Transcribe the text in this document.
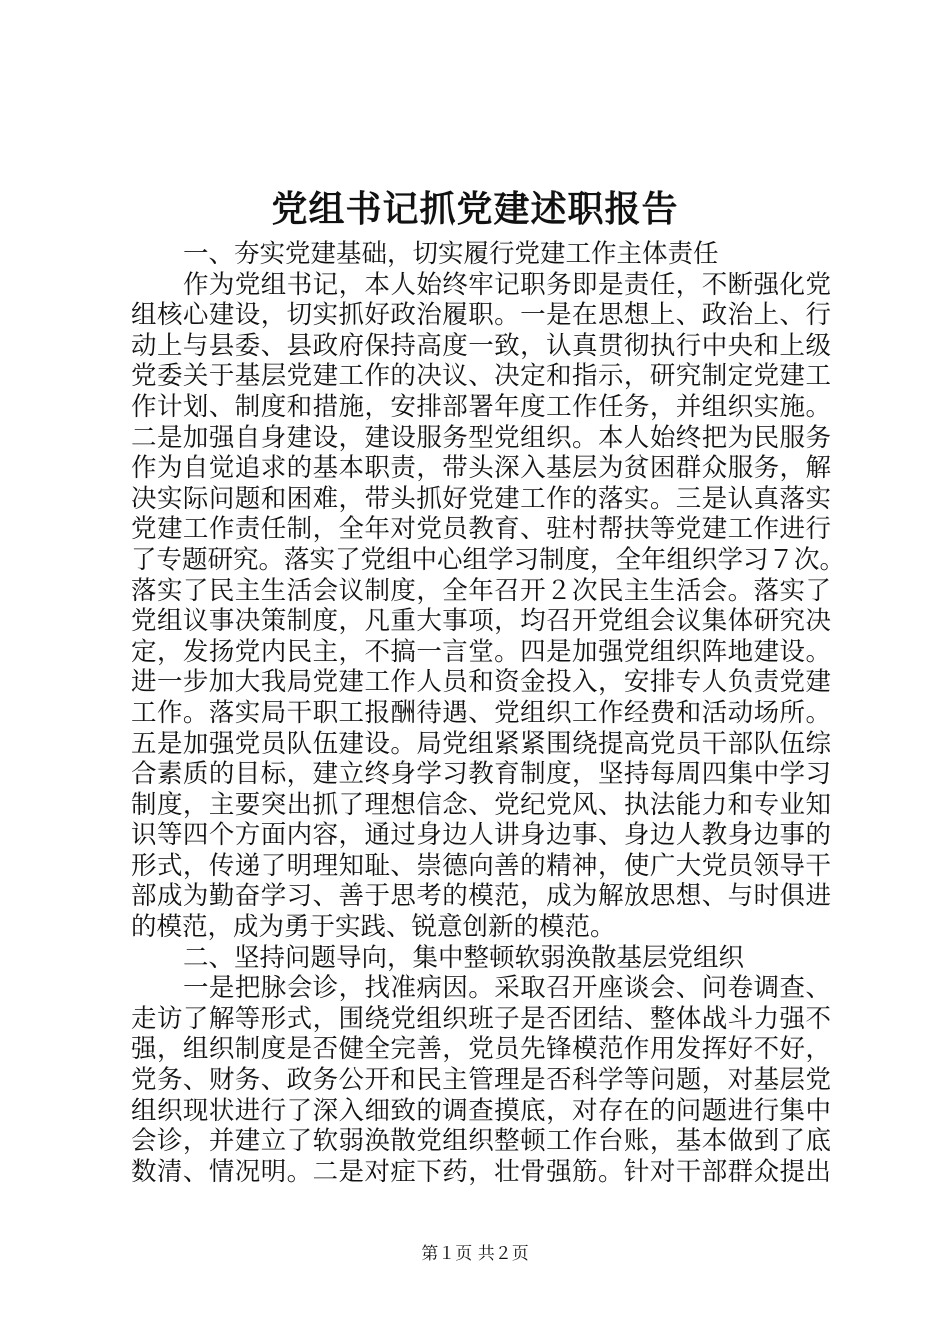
党组书记抓党建述职报告
一、夯实党建基础，切实履行党建工作主体责任
作为党组书记，本人始终牢记职务即是责任，不断强化党
组核心建设，切实抓好政治履职。一是在思想上、政治上、行
动上与县委、县政府保持高度一致，认真贯彻执行中央和上级
党委关于基层党建工作的决议、决定和指示，研究制定党建工
作计划、制度和措施，安排部署年度工作任务，并组织实施。
二是加强自身建设，建设服务型党组织。本人始终把为民服务
作为自觉追求的基本职责，带头深入基层为贫困群众服务，解
决实际问题和困难，带头抓好党建工作的落实。三是认真落实
党建工作责任制，全年对党员教育、驻村帮扶等党建工作进行
了专题研究。落实了党组中心组学习制度，全年组织学习７次。
落实了民主生活会议制度，全年召开２次民主生活会。落实了
党组议事决策制度，凡重大事项，均召开党组会议集体研究决
定，发扬党内民主，不搞一言堂。四是加强党组织阵地建设。
进一步加大我局党建工作人员和资金投入，安排专人负责党建
工作。落实局干职工报酬待遇、党组织工作经费和活动场所。
五是加强党员队伍建设。局党组紧紧围绕提高党员干部队伍综
合素质的目标，建立终身学习教育制度，坚持每周四集中学习
制度，主要突出抓了理想信念、党纪党风、执法能力和专业知
识等四个方面内容，通过身边人讲身边事、身边人教身边事的
形式，传递了明理知耻、崇德向善的精神，使广大党员领导干
部成为勤奋学习、善于思考的模范，成为解放思想、与时俱进
的模范，成为勇于实践、锐意创新的模范。
二、坚持问题导向，集中整顿软弱涣散基层党组织
一是把脉会诊，找准病因。采取召开座谈会、问卷调查、
走访了解等形式，围绕党组织班子是否团结、整体战斗力强不
强，组织制度是否健全完善，党员先锋模范作用发挥好不好，
党务、财务、政务公开和民主管理是否科学等问题，对基层党
组织现状进行了深入细致的调查摸底，对存在的问题进行集中
会诊，并建立了软弱涣散党组织整顿工作台账，基本做到了底
数清、情况明。二是对症下药，壮骨强筋。针对干部群众提出
第１页 共２页
